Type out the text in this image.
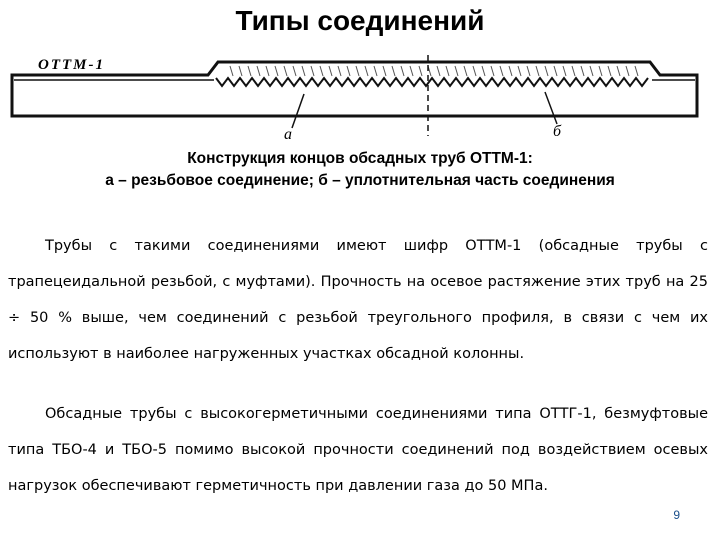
Типы соединений
ОТТМ-1
а	б
Конструкция концов обсадных труб ОТТМ-1:
а – резьбовое соединение; б – уплотнительная часть соединения

Трубы с такими соединениями имеют шифр ОТТМ-1 (обсадные трубы с трапецеидальной резьбой, с муфтами). Прочность на осевое растяжение этих труб на 25 ÷ 50 % выше, чем соединений с резьбой треугольного профиля, в связи с чем их используют в наиболее нагруженных участках обсадной колонны.

Обсадные трубы с высокогерметичными соединениями типа ОТТГ-1, безмуфтовые типа ТБО-4 и ТБО-5 помимо высокой прочности соединений под воздействием осевых нагрузок обеспечивают герметичность при давлении газа до 50 МПа.

9
